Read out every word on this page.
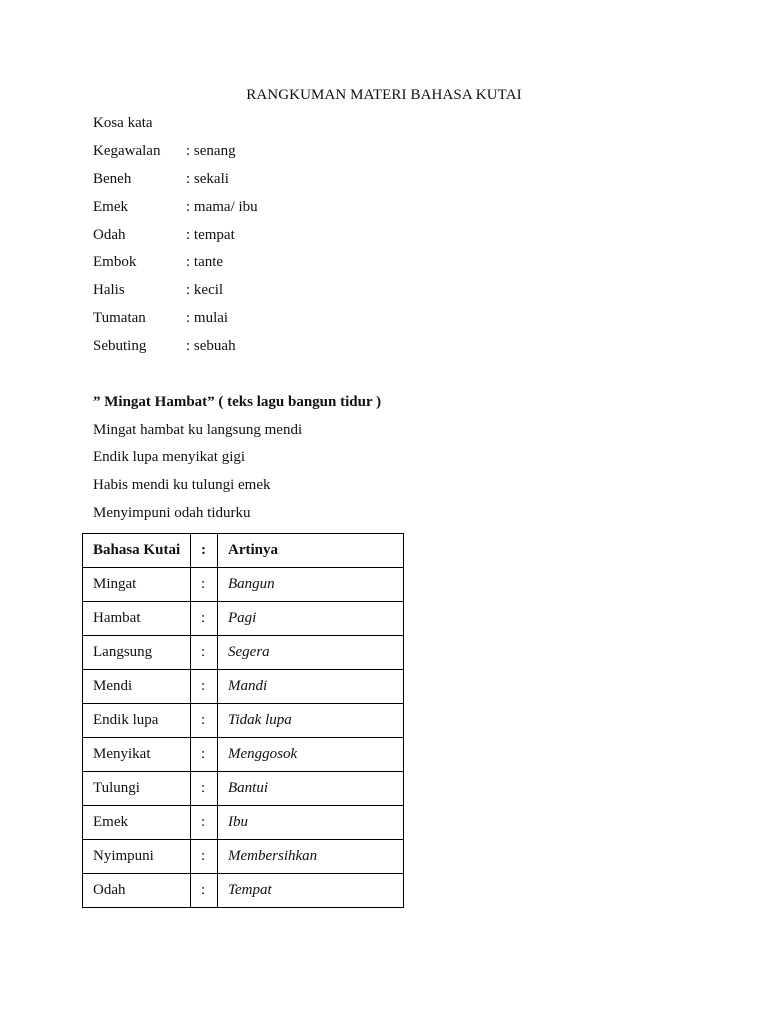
RANGKUMAN MATERI BAHASA KUTAI
Kosa kata
Kegawalan : senang
Beneh	: sekali
Emek	: mama/ ibu
Odah	: tempat
Embok	: tante
Halis	: kecil
Tumatan	: mulai
Sebuting	: sebuah
” Mingat Hambat” ( teks lagu bangun tidur )
Mingat hambat ku langsung mendi
Endik lupa menyikat gigi
Habis mendi ku tulungi emek
Menyimpuni odah tidurku
Bahasa Kutai	:	Artinya
Mingat	:	Bangun
Hambat	:	Pagi
Langsung	:	Segera
Mendi	:	Mandi
Endik lupa	:	Tidak lupa
Menyikat	:	Menggosok
Tulungi	:	Bantui
Emek	:	Ibu
Nyimpuni	:	Membersihkan
Odah	:	Tempat
